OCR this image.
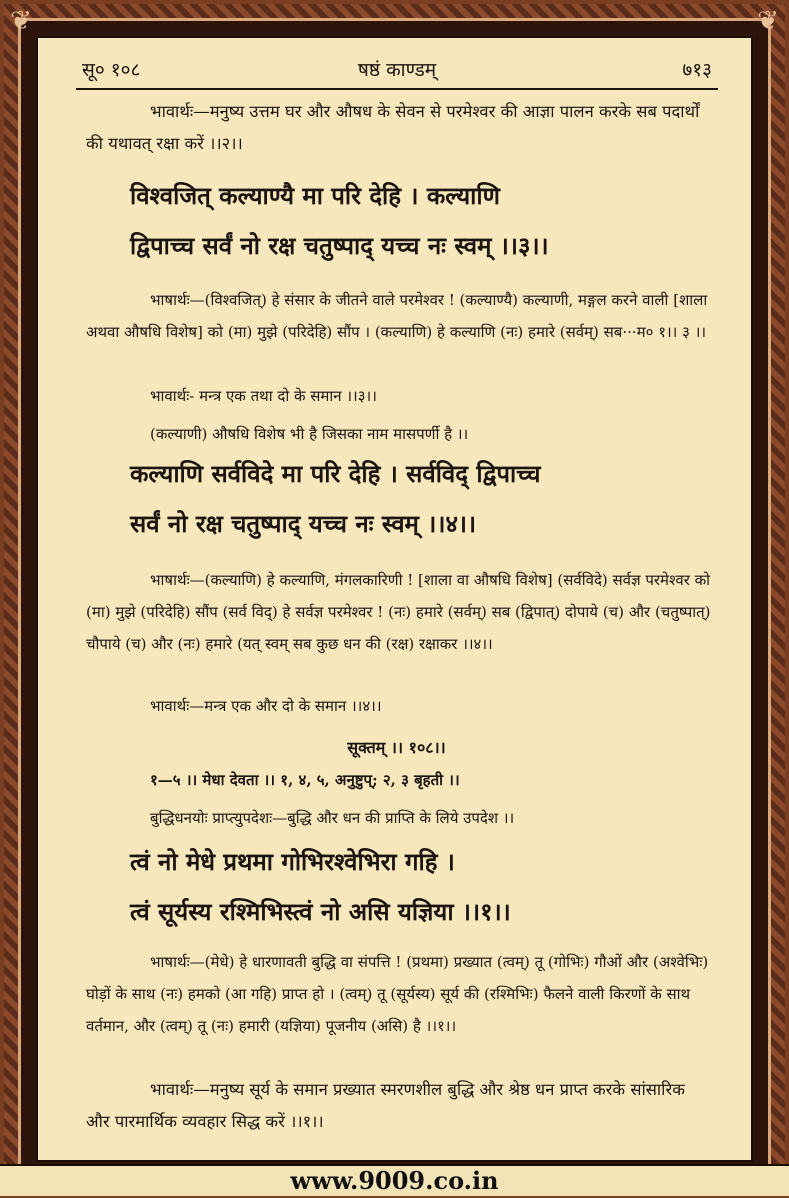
❦	❦
सू० १०८	षष्ठं काण्डम्	७१३
भावार्थः—मनुष्य उत्तम घर और औषध के सेवन से परमेश्वर की आज्ञा पालन करके सब पदार्थों की यथावत् रक्षा करें ।।२।।
विश्वजित् कल्याण्यै मा परि देहि । कल्याणि
द्विपाच्च सर्वं नो रक्ष चतुष्पाद् यच्च नः स्वम् ।।३।।
भाषार्थः—(विश्वजित्) हे संसार के जीतने वाले परमेश्वर ! (कल्याण्यै) कल्याणी, मङ्गल करने वाली [शाला अथवा औषधि विशेष] को (मा) मुझे (परिदेहि) सौंप । (कल्याणि) हे कल्याणि (नः) हमारे (सर्वम्) सब···म० १।। ३ ।।
भावार्थः- मन्त्र एक तथा दो के समान ।।३।।
(कल्याणी) औषधि विशेष भी है जिसका नाम मासपर्णी है ।।
कल्याणि सर्वविदे मा परि देहि । सर्वविद् द्विपाच्च
सर्वं नो रक्ष चतुष्पाद् यच्च नः स्वम् ।।४।।
भाषार्थः—(कल्याणि) हे कल्याणि, मंगलकारिणी ! [शाला वा औषधि विशेष] (सर्वविदे) सर्वज्ञ परमेश्वर को (मा) मुझे (परिदेहि) सौंप (सर्व विद्) हे सर्वज्ञ परमेश्वर ! (नः) हमारे (सर्वम्) सब (द्विपात्) दोपाये (च) और (चतुष्पात्) चौपाये (च) और (नः) हमारे (यत् स्वम् सब कुछ धन की (रक्ष) रक्षाकर ।।४।।
भावार्थः—मन्त्र एक और दो के समान ।।४।।
सूक्तम् ।। १०८।।
१—५ ।। मेधा देवता ।। १, ४, ५, अनुष्टुप्; २, ३ बृहती ।।
बुद्धिधनयोः प्राप्त्युपदेशः—बुद्धि और धन की प्राप्ति के लिये उपदेश ।।
त्वं नो मेधे प्रथमा गोभिरश्वेभिरा गहि ।
त्वं सूर्यस्य रश्मिभिस्त्वं नो असि यज्ञिया ।।१।।
भाषार्थः—(मेधे) हे धारणावती बुद्धि वा संपत्ति ! (प्रथमा) प्रख्यात (त्वम्) तू (गोभिः) गौओं और (अश्वेभिः) घोड़ों के साथ (नः) हमको (आ गहि) प्राप्त हो । (त्वम्) तू (सूर्यस्य) सूर्य की (रश्मिभिः) फैलने वाली किरणों के साथ वर्तमान, और (त्वम्) तू (नः) हमारी (यज्ञिया) पूजनीय (असि) है ।।१।।
भावार्थः—मनुष्य सूर्य के समान प्रख्यात स्मरणशील बुद्धि और श्रेष्ठ धन प्राप्त करके सांसारिक और पारमार्थिक व्यवहार सिद्ध करें ।।१।।
www.9009.co.in
